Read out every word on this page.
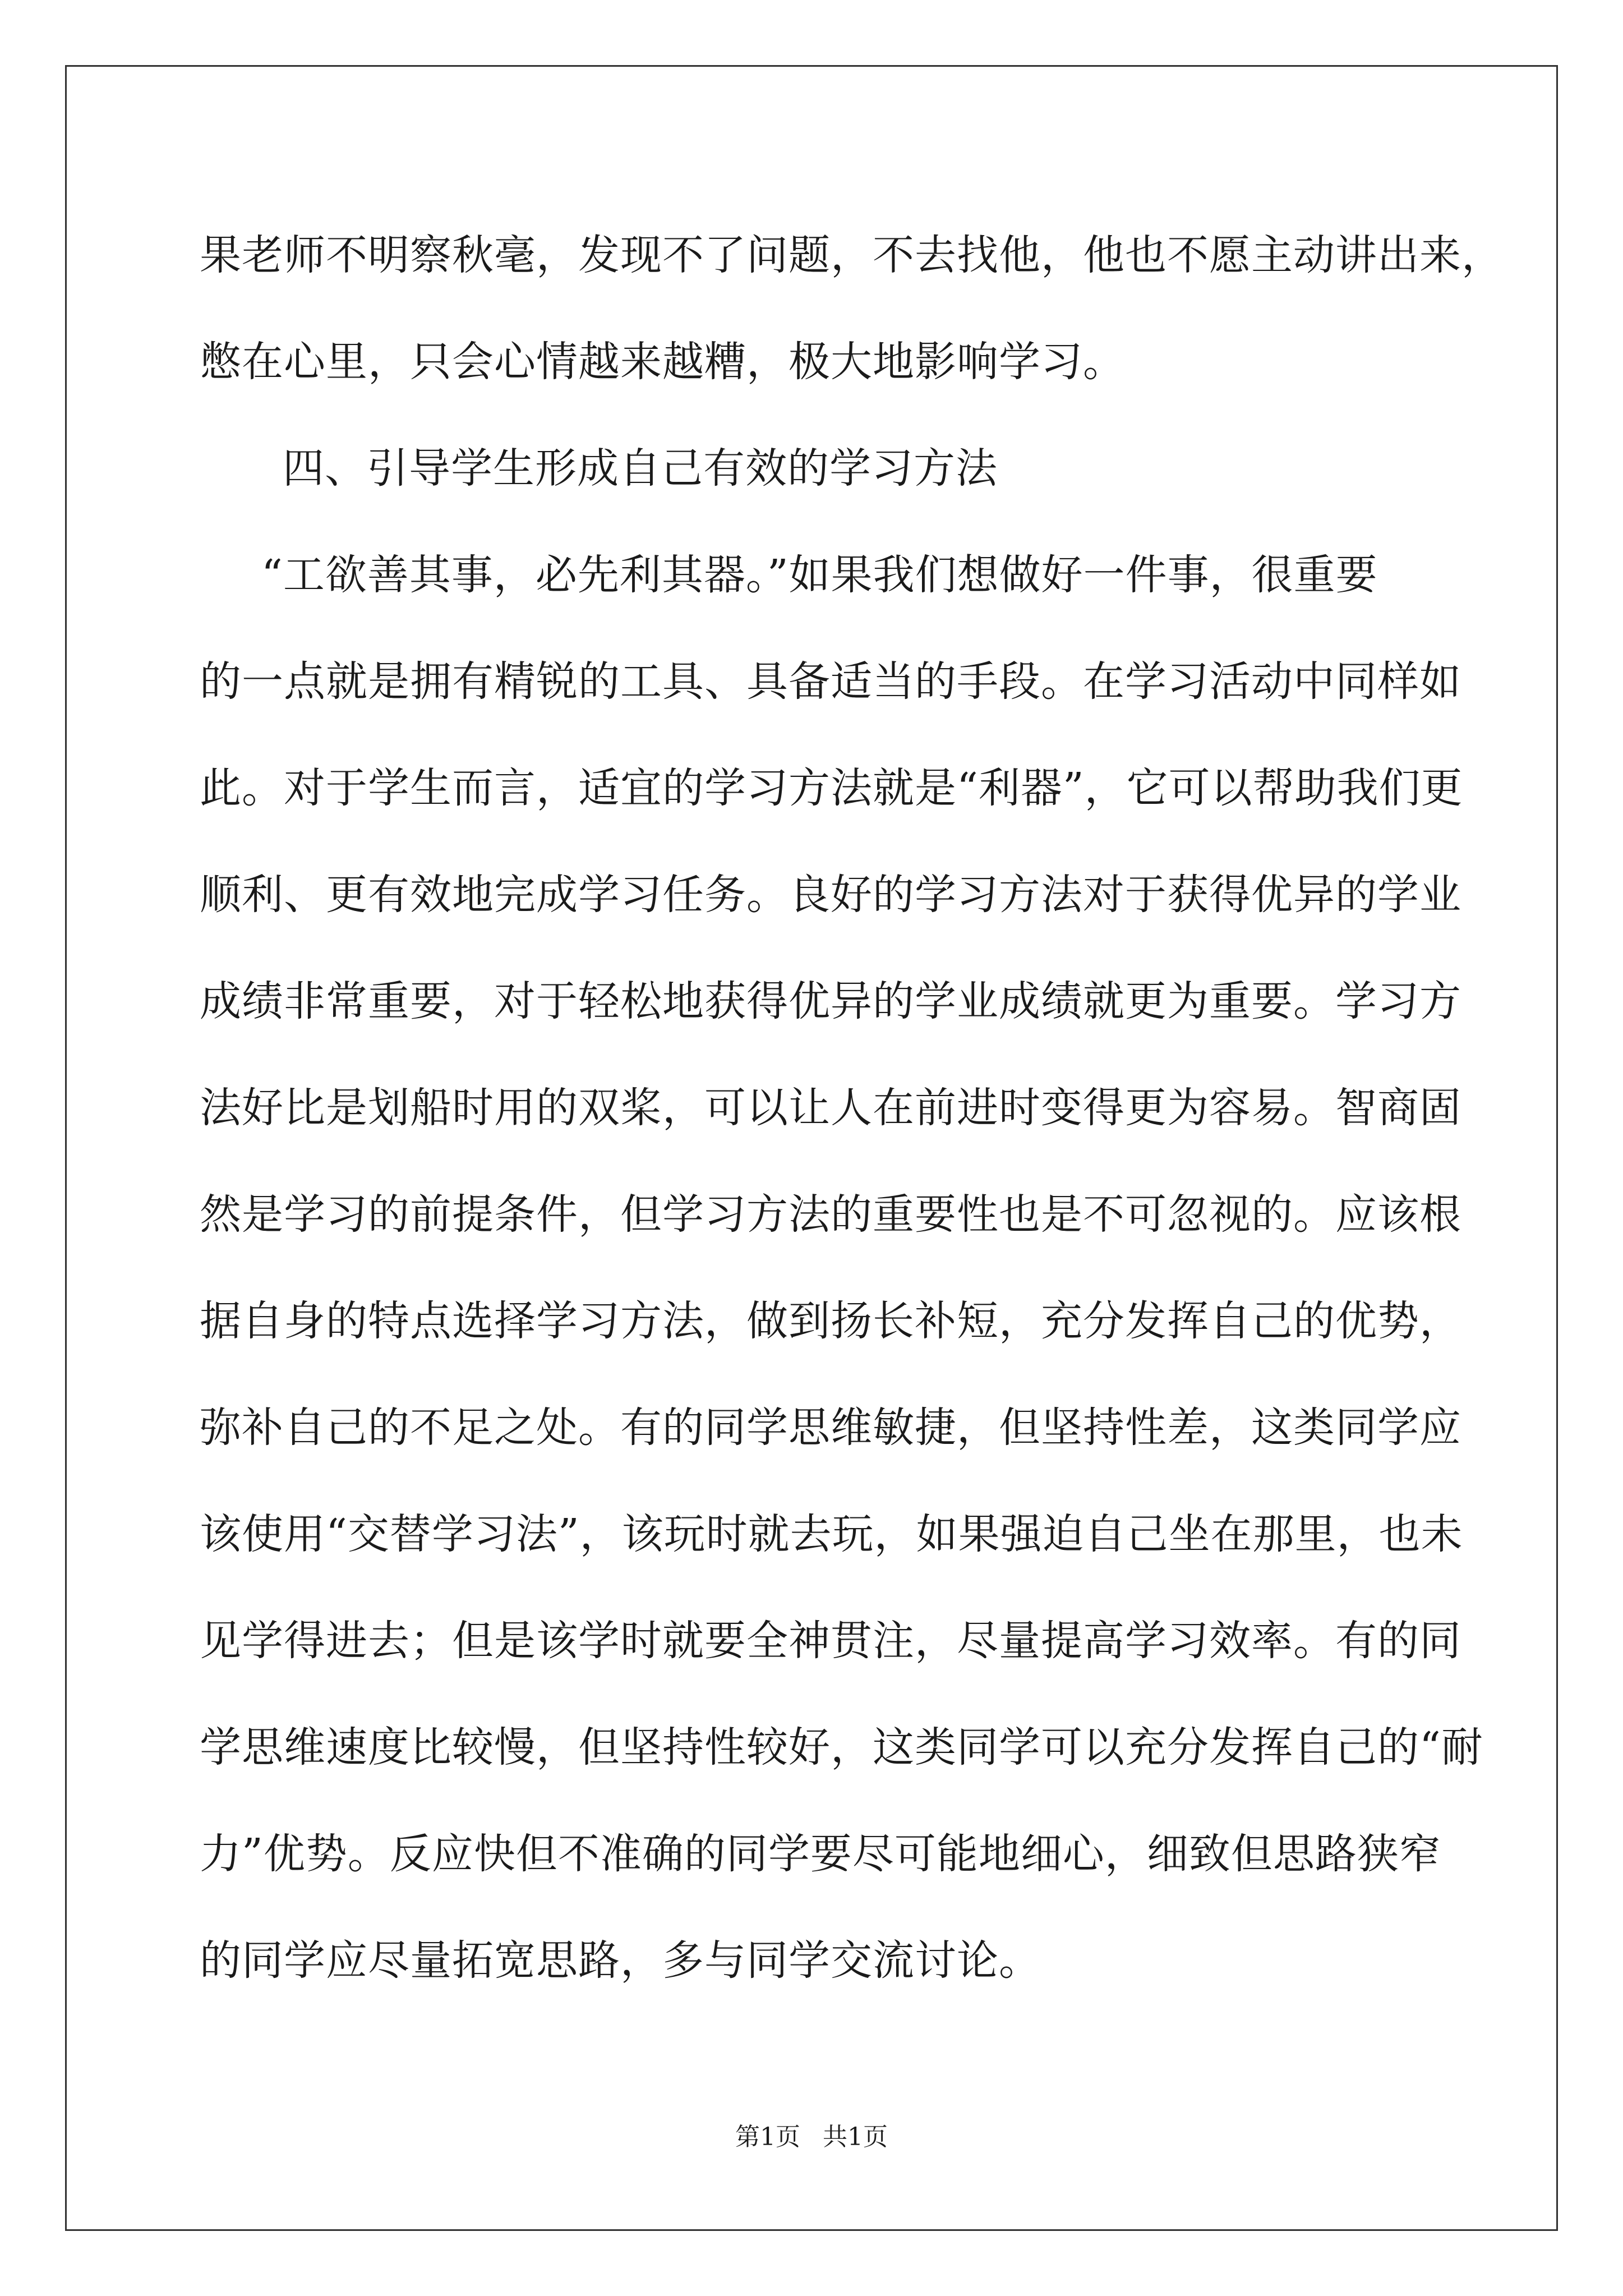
果老师不明察秋毫，发现不了问题，不去找他，他也不愿主动讲出来，
憋在心里，只会心情越来越糟，极大地影响学习。
四、引导学生形成自己有效的学习方法
“工欲善其事，必先利其器。”如果我们想做好一件事，很重要
的一点就是拥有精锐的工具、具备适当的手段。在学习活动中同样如
此。对于学生而言，适宜的学习方法就是“利器”，它可以帮助我们更
顺利、更有效地完成学习任务。良好的学习方法对于获得优异的学业
成绩非常重要，对于轻松地获得优异的学业成绩就更为重要。学习方
法好比是划船时用的双桨，可以让人在前进时变得更为容易。智商固
然是学习的前提条件，但学习方法的重要性也是不可忽视的。应该根
据自身的特点选择学习方法，做到扬长补短，充分发挥自己的优势，
弥补自己的不足之处。有的同学思维敏捷，但坚持性差，这类同学应
该使用“交替学习法”，该玩时就去玩，如果强迫自己坐在那里，也未
见学得进去；但是该学时就要全神贯注，尽量提高学习效率。有的同
学思维速度比较慢，但坚持性较好，这类同学可以充分发挥自己的“耐
力”优势。反应快但不准确的同学要尽可能地细心，细致但思路狭窄
的同学应尽量拓宽思路，多与同学交流讨论。
第1页 共1页
